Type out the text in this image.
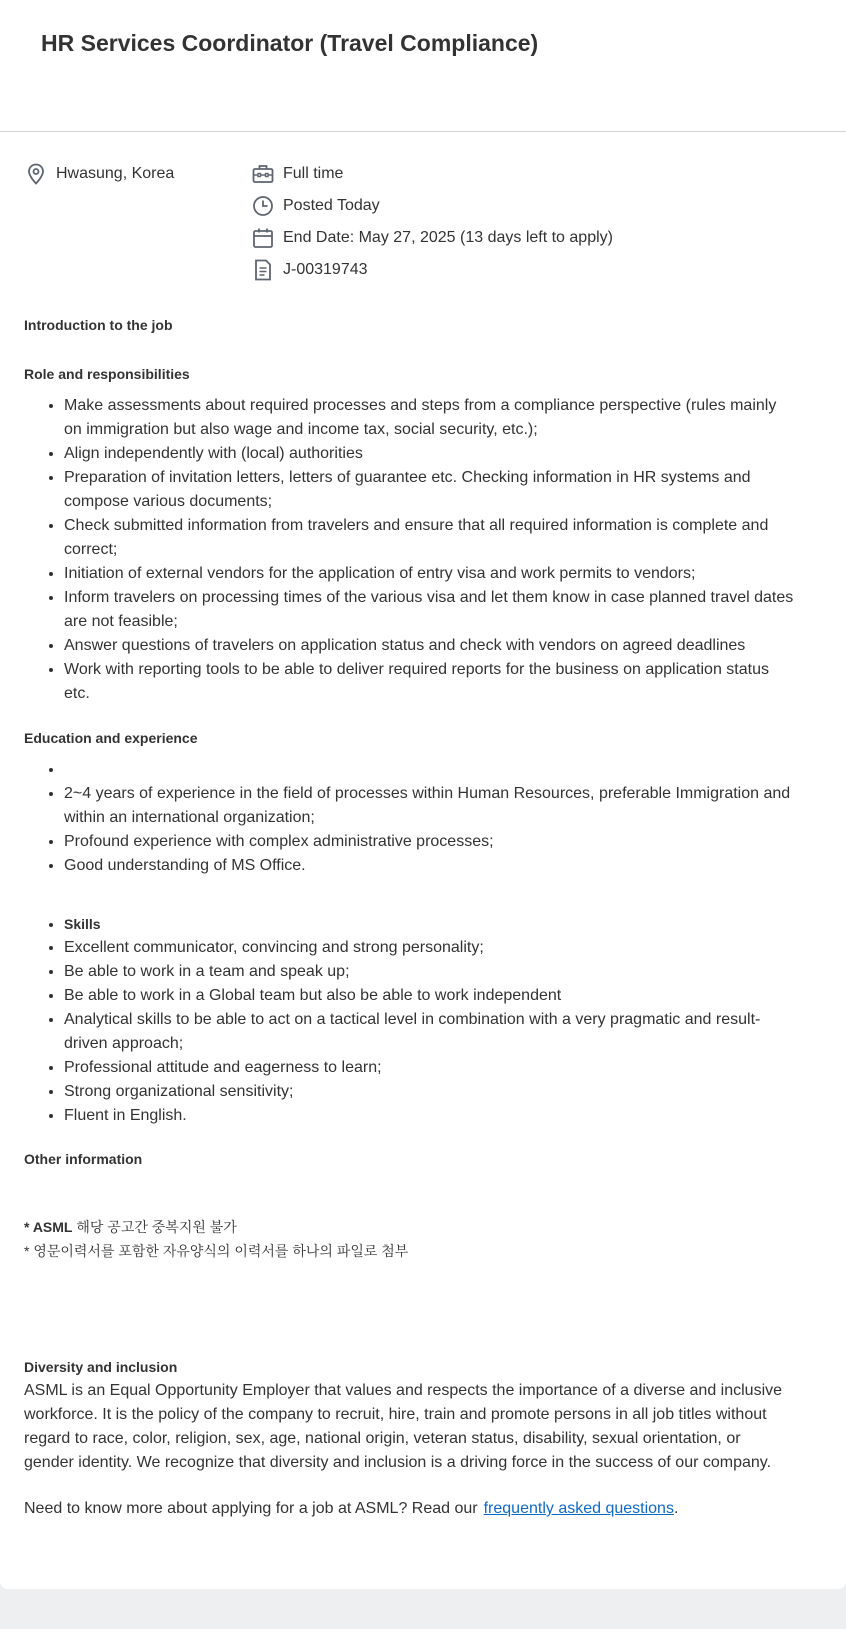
HR Services Coordinator (Travel Compliance)
Hwasung, Korea	Full time
Posted Today
End Date: May 27, 2025 (13 days left to apply)
J-00319743

Introduction to the job

Role and responsibilities

• Make assessments about required processes and steps from a compliance perspective (rules mainly on immigration but also wage and income tax, social security, etc.);
• Align independently with (local) authorities
• Preparation of invitation letters, letters of guarantee etc. Checking information in HR systems and compose various documents;
• Check submitted information from travelers and ensure that all required information is complete and correct;
• Initiation of external vendors for the application of entry visa and work permits to vendors;
• Inform travelers on processing times of the various visa and let them know in case planned travel dates are not feasible;
• Answer questions of travelers on application status and check with vendors on agreed deadlines
• Work with reporting tools to be able to deliver required reports for the business on application status etc.

Education and experience

•
• 2~4 years of experience in the field of processes within Human Resources, preferable Immigration and within an international organization;
• Profound experience with complex administrative processes;
• Good understanding of MS Office.
• Skills
• Excellent communicator, convincing and strong personality;
• Be able to work in a team and speak up;
• Be able to work in a Global team but also be able to work independent
• Analytical skills to be able to act on a tactical level in combination with a very pragmatic and result-driven approach;
• Professional attitude and eagerness to learn;
• Strong organizational sensitivity;
• Fluent in English.

Other information

* ASML 해당 공고간 중복지원 불가
* 영문이력서를 포함한 자유양식의 이력서를 하나의 파일로 첨부

Diversity and inclusion

ASML is an Equal Opportunity Employer that values and respects the importance of a diverse and inclusive workforce. It is the policy of the company to recruit, hire, train and promote persons in all job titles without regard to race, color, religion, sex, age, national origin, veteran status, disability, sexual orientation, or gender identity. We recognize that diversity and inclusion is a driving force in the success of our company.

Need to know more about applying for a job at ASML? Read our frequently asked questions.
